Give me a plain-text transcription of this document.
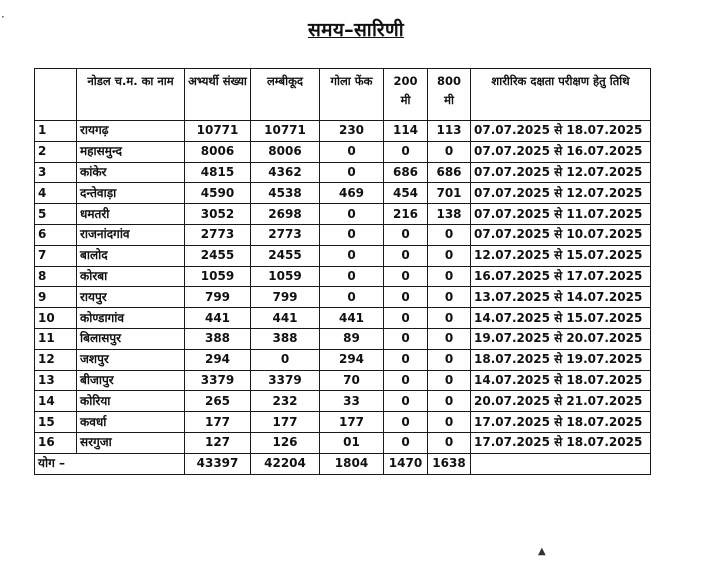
·
समय–सारिणी
	नोडल च.म. का नाम	अभ्यर्थी संख्या	लम्बीकूद	गोला फेंक	200 मी	800 मी	शारीरिक दक्षता परीक्षण हेतु तिथि
1	रायगढ़	10771	10771	230	114	113	07.07.2025 से 18.07.2025
2	महासमुन्द	8006	8006	0	0	0	07.07.2025 से 16.07.2025
3	कांकेर	4815	4362	0	686	686	07.07.2025 से 12.07.2025
4	दन्तेवाड़ा	4590	4538	469	454	701	07.07.2025 से 12.07.2025
5	धमतरी	3052	2698	0	216	138	07.07.2025 से 11.07.2025
6	राजनांदगांव	2773	2773	0	0	0	07.07.2025 से 10.07.2025
7	बालोद	2455	2455	0	0	0	12.07.2025 से 15.07.2025
8	कोरबा	1059	1059	0	0	0	16.07.2025 से 17.07.2025
9	रायपुर	799	799	0	0	0	13.07.2025 से 14.07.2025
10	कोण्डागांव	441	441	441	0	0	14.07.2025 से 15.07.2025
11	बिलासपुर	388	388	89	0	0	19.07.2025 से 20.07.2025
12	जशपुर	294	0	294	0	0	18.07.2025 से 19.07.2025
13	बीजापुर	3379	3379	70	0	0	14.07.2025 से 18.07.2025
14	कोरिया	265	232	33	0	0	20.07.2025 से 21.07.2025
15	कवर्धा	177	177	177	0	0	17.07.2025 से 18.07.2025
16	सरगुजा	127	126	01	0	0	17.07.2025 से 18.07.2025
योग –		43397	42204	1804	1470	1638	
▲
